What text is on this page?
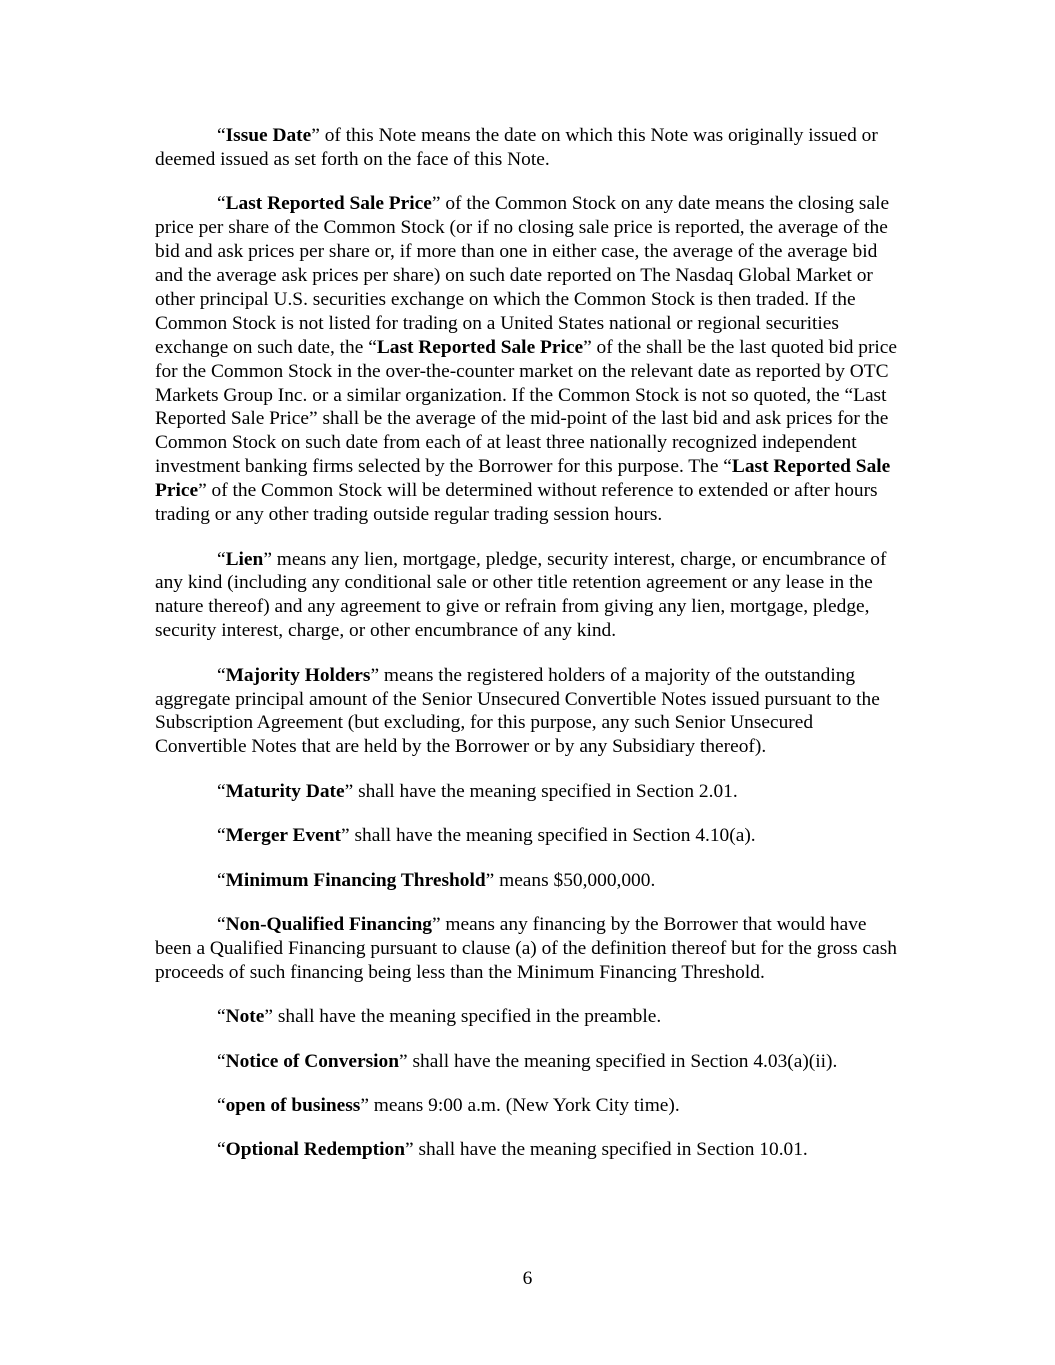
“Issue Date” of this Note means the date on which this Note was originally issued or deemed issued as set forth on the face of this Note.

“Last Reported Sale Price” of the Common Stock on any date means the closing sale price per share of the Common Stock (or if no closing sale price is reported, the average of the bid and ask prices per share or, if more than one in either case, the average of the average bid and the average ask prices per share) on such date reported on The Nasdaq Global Market or other principal U.S. securities exchange on which the Common Stock is then traded. If the Common Stock is not listed for trading on a United States national or regional securities exchange on such date, the “Last Reported Sale Price” of the shall be the last quoted bid price for the Common Stock in the over-the-counter market on the relevant date as reported by OTC Markets Group Inc. or a similar organization. If the Common Stock is not so quoted, the “Last Reported Sale Price” shall be the average of the mid-point of the last bid and ask prices for the Common Stock on such date from each of at least three nationally recognized independent investment banking firms selected by the Borrower for this purpose. The “Last Reported Sale Price” of the Common Stock will be determined without reference to extended or after hours trading or any other trading outside regular trading session hours.

“Lien” means any lien, mortgage, pledge, security interest, charge, or encumbrance of any kind (including any conditional sale or other title retention agreement or any lease in the nature thereof) and any agreement to give or refrain from giving any lien, mortgage, pledge, security interest, charge, or other encumbrance of any kind.

“Majority Holders” means the registered holders of a majority of the outstanding aggregate principal amount of the Senior Unsecured Convertible Notes issued pursuant to the Subscription Agreement (but excluding, for this purpose, any such Senior Unsecured Convertible Notes that are held by the Borrower or by any Subsidiary thereof).

“Maturity Date” shall have the meaning specified in Section 2.01.

“Merger Event” shall have the meaning specified in Section 4.10(a).

“Minimum Financing Threshold” means $50,000,000.

“Non-Qualified Financing” means any financing by the Borrower that would have been a Qualified Financing pursuant to clause (a) of the definition thereof but for the gross cash proceeds of such financing being less than the Minimum Financing Threshold.

“Note” shall have the meaning specified in the preamble.

“Notice of Conversion” shall have the meaning specified in Section 4.03(a)(ii).

“open of business” means 9:00 a.m. (New York City time).

“Optional Redemption” shall have the meaning specified in Section 10.01.

6
